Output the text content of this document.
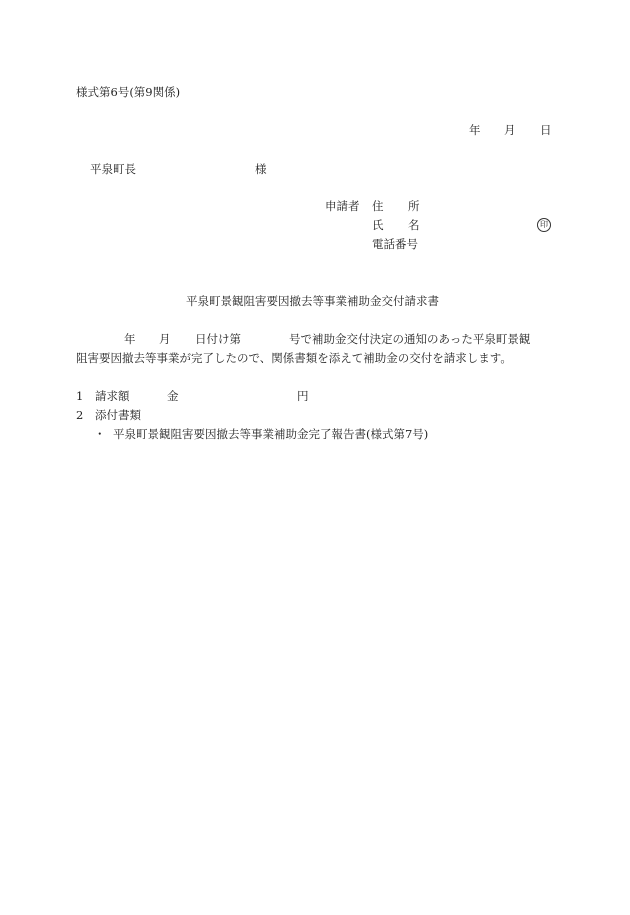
様式第6号(第9関係)
年 月 日
平泉町長	様
申請者 住 所
氏 名	印
電話番号
平泉町景観阻害要因撤去等事業補助金交付請求書
年 月 日付け第	号で補助金交付決定の通知のあった平泉町景観
阻害要因撤去等事業が完了したので、関係書類を添えて補助金の交付を請求します。
1 請求額	金	円
2 添付書類
・ 平泉町景観阻害要因撤去等事業補助金完了報告書(様式第7号)
